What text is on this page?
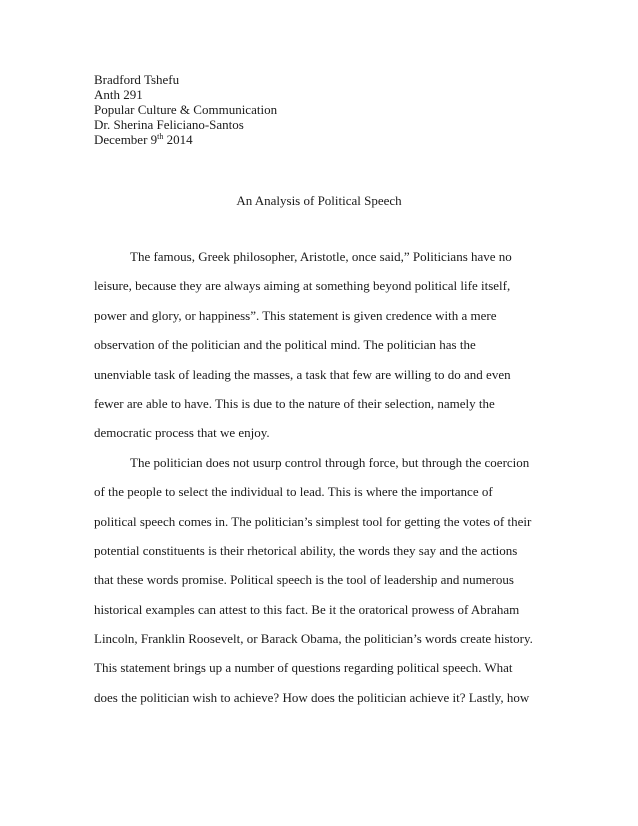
Bradford Tshefu
Anth 291
Popular Culture & Communication
Dr. Sherina Feliciano-Santos
December 9th 2014
An Analysis of Political Speech
The famous, Greek philosopher, Aristotle, once said,” Politicians have no
leisure, because they are always aiming at something beyond political life itself,
power and glory, or happiness”. This statement is given credence with a mere
observation of the politician and the political mind. The politician has the
unenviable task of leading the masses, a task that few are willing to do and even
fewer are able to have. This is due to the nature of their selection, namely the
democratic process that we enjoy.
The politician does not usurp control through force, but through the coercion
of the people to select the individual to lead. This is where the importance of
political speech comes in. The politician’s simplest tool for getting the votes of their
potential constituents is their rhetorical ability, the words they say and the actions
that these words promise. Political speech is the tool of leadership and numerous
historical examples can attest to this fact. Be it the oratorical prowess of Abraham
Lincoln, Franklin Roosevelt, or Barack Obama, the politician’s words create history.
This statement brings up a number of questions regarding political speech. What
does the politician wish to achieve? How does the politician achieve it? Lastly, how
